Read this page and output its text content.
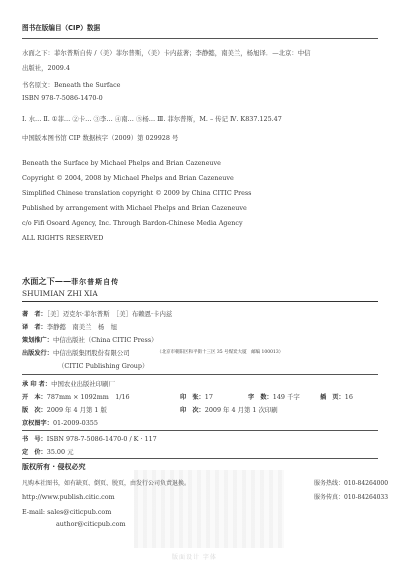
图书在版编目（CIP）数据
水面之下：菲尔普斯自传 /（美）菲尔普斯，（美）卡内兹著；李静懿，南美兰，杨旭译．—北京：中信
出版社，2009.4
书名原文：Beneath the Surface
ISBN 978-7-5086-1470-0
Ⅰ. 水… Ⅱ. ①菲… ②卡… ③李… ④南… ⑤杨… Ⅲ. 菲尔普斯，M. – 传记 Ⅳ. K837.125.47
中国版本图书馆 CIP 数据核字（2009）第 029928 号
Beneath the Surface by Michael Phelps and Brian Cazeneuve
Copyright © 2004, 2008 by Michael Phelps and Brian Cazeneuve
Simplified Chinese translation copyright © 2009 by China CITIC Press
Published by arrangement with Michael Phelps and Brian Cazeneuve
c/o Fifi Osoard Agency, Inc. Through Bardon-Chinese Media Agency
ALL RIGHTS RESERVED
水面之下——菲尔普斯自传
SHUIMIAN ZHI XIA
著　者：［美］迈克尔·菲尔普斯　［美］布赖恩·卡内兹
译　者：李静懿　南美兰　杨　旭
策划推广：中信出版社（China CITIC Press）
出版发行：中信出版集团股份有限公司	（北京市朝阳区和平街十三区 35 号煤炭大厦　邮编 100013）
（CITIC Publishing Group）
承 印 者：中国农业出版社印刷厂
开　本：787mm × 1092mm　1/16	印　张：17	字　数：149 千字	插　页：16
版　次：2009 年 4 月第 1 版	印　次：2009 年 4 月第 1 次印刷
京权图字：01-2009-0355
书　号：ISBN 978-7-5086-1470-0 / K · 117
定　价：35.00 元
版面设计 字体
版权所有 · 侵权必究
凡购本社图书，如有缺页、倒页、脱页，由发行公司负责退换。	服务热线：010-84264000
服务传真：010-84264033
http://www.publish.citic.com
E-mail: sales@citicpub.com
author@citicpub.com
